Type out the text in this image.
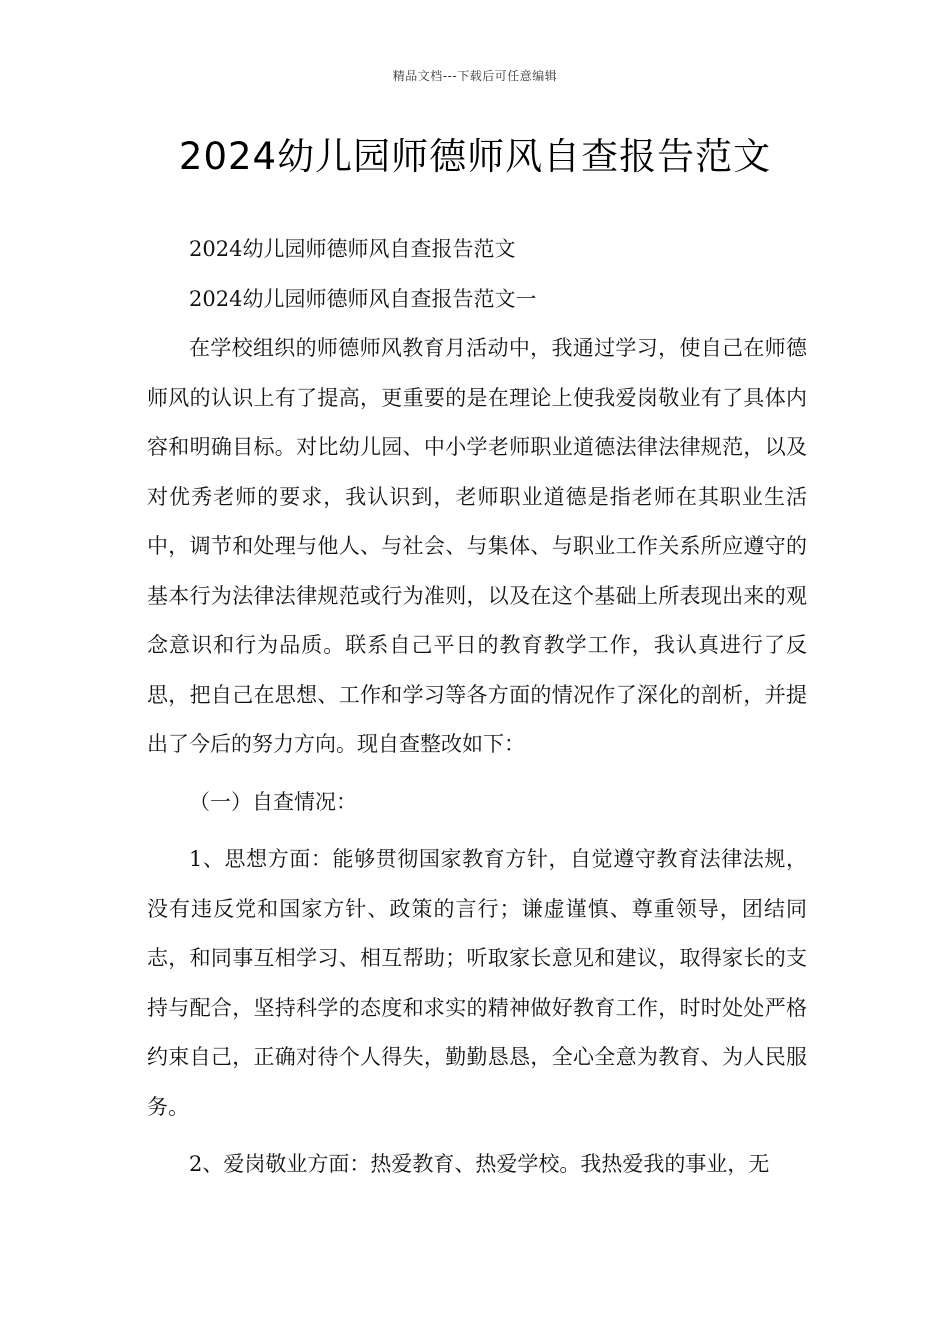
精品文档---下载后可任意编辑
2024幼儿园师德师风自查报告范文

2024幼儿园师德师风自查报告范文

2024幼儿园师德师风自查报告范文一

在学校组织的师德师风教育月活动中，我通过学习，使自己在师德师风的认识上有了提高，更重要的是在理论上使我爱岗敬业有了具体内容和明确目标。对比幼儿园、中小学老师职业道德法律法律规范，以及对优秀老师的要求，我认识到，老师职业道德是指老师在其职业生活中，调节和处理与他人、与社会、与集体、与职业工作关系所应遵守的基本行为法律法律规范或行为准则，以及在这个基础上所表现出来的观念意识和行为品质。联系自己平日的教育教学工作，我认真进行了反思，把自己在思想、工作和学习等各方面的情况作了深化的剖析，并提出了今后的努力方向。现自查整改如下：

（一）自查情况：

1、思想方面：能够贯彻国家教育方针，自觉遵守教育法律法规，没有违反党和国家方针、政策的言行；谦虚谨慎、尊重领导，团结同志，和同事互相学习、相互帮助；听取家长意见和建议，取得家长的支持与配合，坚持科学的态度和求实的精神做好教育工作，时时处处严格约束自己，正确对待个人得失，勤勤恳恳，全心全意为教育、为人民服务。

2、爱岗敬业方面：热爱教育、热爱学校。我热爱我的事业，无
